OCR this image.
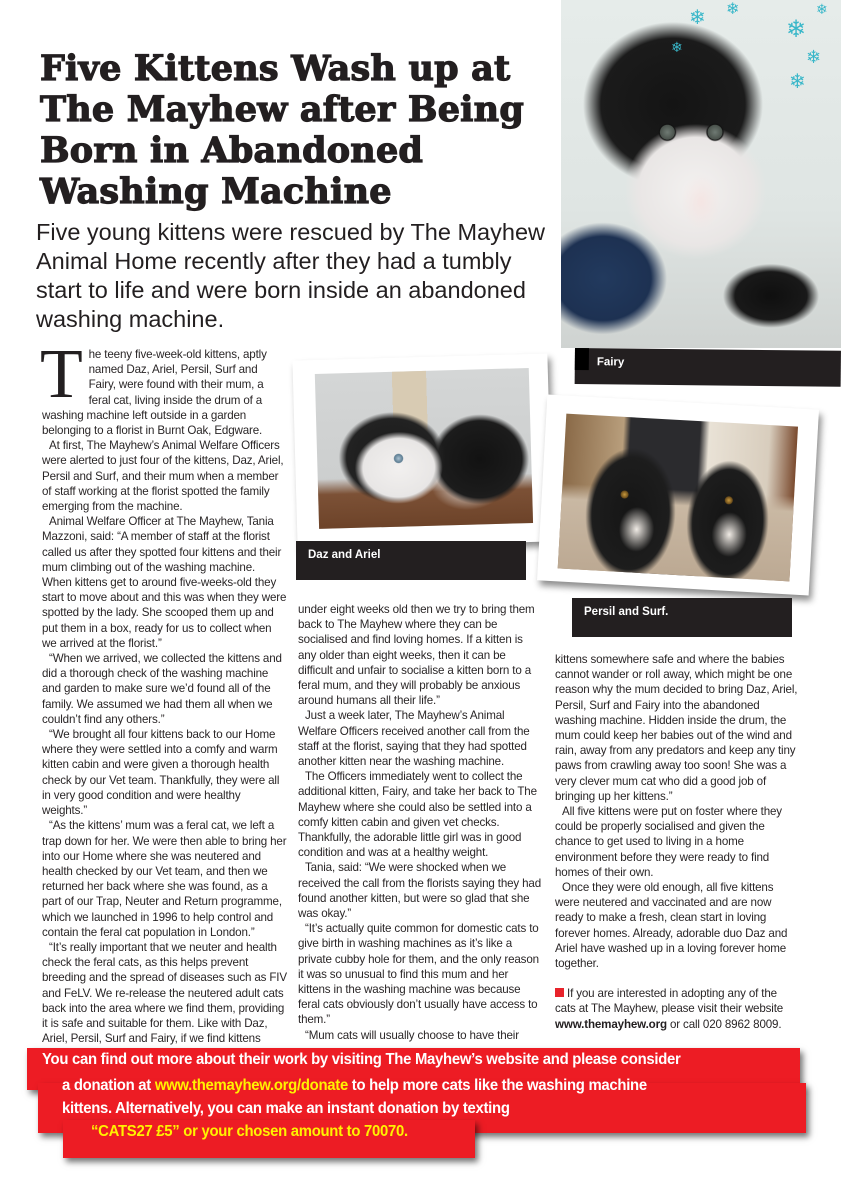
Five Kittens Wash up at The Mayhew after Being Born in Abandoned Washing Machine

Five young kittens were rescued by The Mayhew Animal Home recently after they had a tumbly start to life and were born inside an abandoned washing machine.

❄ ❄
❄
❄
❄
❄
❄
Fairy
Daz and Ariel
Persil and Surf.

The teeny five-week-old kittens, aptly named Daz, Ariel, Persil, Surf and Fairy, were found with their mum, a feral cat, living inside the drum of a washing machine left outside in a garden belonging to a florist in Burnt Oak, Edgware.

At first, The Mayhew’s Animal Welfare Officers were alerted to just four of the kittens, Daz, Ariel, Persil and Surf, and their mum when a member of staff working at the florist spotted the family emerging from the machine.

Animal Welfare Officer at The Mayhew, Tania Mazzoni, said: “A member of staff at the florist called us after they spotted four kittens and their mum climbing out of the washing machine. When kittens get to around five-weeks-old they start to move about and this was when they were spotted by the lady. She scooped them up and put them in a box, ready for us to collect when we arrived at the florist.”

“When we arrived, we collected the kittens and did a thorough check of the washing machine and garden to make sure we’d found all of the family. We assumed we had them all when we couldn’t find any others.”

“We brought all four kittens back to our Home where they were settled into a comfy and warm kitten cabin and were given a thorough health check by our Vet team. Thankfully, they were all in very good condition and were healthy weights.”

“As the kittens’ mum was a feral cat, we left a trap down for her. We were then able to bring her into our Home where she was neutered and health checked by our Vet team, and then we returned her back where she was found, as a part of our Trap, Neuter and Return programme, which we launched in 1996 to help control and contain the feral cat population in London.”

“It’s really important that we neuter and health check the feral cats, as this helps prevent breeding and the spread of diseases such as FIV and FeLV. We re-release the neutered adult cats back into the area where we find them, providing it is safe and suitable for them. Like with Daz, Ariel, Persil, Surf and Fairy, if we find kittens

under eight weeks old then we try to bring them back to The Mayhew where they can be socialised and find loving homes. If a kitten is any older than eight weeks, then it can be difficult and unfair to socialise a kitten born to a feral mum, and they will probably be anxious around humans all their life.”

Just a week later, The Mayhew’s Animal Welfare Officers received another call from the staff at the florist, saying that they had spotted another kitten near the washing machine.

The Officers immediately went to collect the additional kitten, Fairy, and take her back to The Mayhew where she could also be settled into a comfy kitten cabin and given vet checks. Thankfully, the adorable little girl was in good condition and was at a healthy weight.

Tania, said: “We were shocked when we received the call from the florists saying they had found another kitten, but were so glad that she was okay.”

“It’s actually quite common for domestic cats to give birth in washing machines as it’s like a private cubby hole for them, and the only reason it was so unusual to find this mum and her kittens in the washing machine was because feral cats obviously don’t usually have access to them.”

“Mum cats will usually choose to have their

kittens somewhere safe and where the babies cannot wander or roll away, which might be one reason why the mum decided to bring Daz, Ariel, Persil, Surf and Fairy into the abandoned washing machine. Hidden inside the drum, the mum could keep her babies out of the wind and rain, away from any predators and keep any tiny paws from crawling away too soon! She was a very clever mum cat who did a good job of bringing up her kittens.”

All five kittens were put on foster where they could be properly socialised and given the chance to get used to living in a home environment before they were ready to find homes of their own.

Once they were old enough, all five kittens were neutered and vaccinated and are now ready to make a fresh, clean start in loving forever homes. Already, adorable duo Daz and Ariel have washed up in a loving forever home together.

If you are interested in adopting any of the cats at The Mayhew, please visit their website www.themayhew.org or call 020 8962 8009.

You can find out more about their work by visiting The Mayhew’s website and please consider
a donation at www.themayhew.org/donate to help more cats like the washing machine
kittens. Alternatively, you can make an instant donation by texting
“CATS27 £5” or your chosen amount to 70070.
